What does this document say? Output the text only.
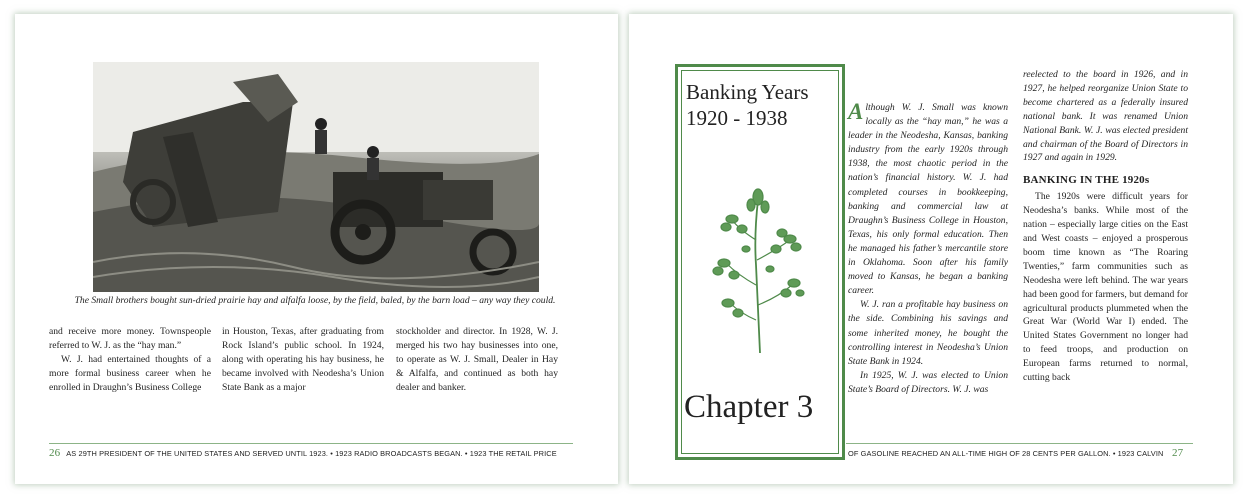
The Small brothers bought sun-dried prairie hay and alfalfa loose, by the field, baled, by the barn load – any way they could.

and receive more money. Townspeople referred to W. J. as the “hay man.”

W. J. had entertained thoughts of a more formal business career when he enrolled in Draughn’s Business College

in Houston, Texas, after graduating from Rock Island’s public school. In 1924, along with operating his hay business, he became involved with Neodesha’s Union State Bank as a major

stockholder and director. In 1928, W. J. merged his two hay businesses into one, to operate as W. J. Small, Dealer in Hay & Alfalfa, and continued as both hay dealer and banker.

26 AS 29TH PRESIDENT OF THE UNITED STATES AND SERVED UNTIL 1923. • 1923 RADIO BROADCASTS BEGAN. • 1923 THE RETAIL PRICE
Banking Years
1920 - 1938
Chapter 3

Although W. J. Small was known locally as the “hay man,” he was a leader in the Neodesha, Kansas, banking industry from the early 1920s through 1938, the most chaotic period in the nation’s financial history. W. J. had completed courses in bookkeeping, banking and commercial law at Draughn’s Business College in Houston, Texas, his only formal education. Then he managed his father’s mercantile store in Oklahoma. Soon after his family moved to Kansas, he began a banking career.

W. J. ran a profitable hay business on the side. Combining his savings and some inherited money, he bought the controlling interest in Neodesha’s Union State Bank in 1924.

In 1925, W. J. was elected to Union State’s Board of Directors. W. J. was

reelected to the board in 1926, and in 1927, he helped reorganize Union State to become chartered as a federally insured national bank. It was renamed Union National Bank. W. J. was elected president and chairman of the Board of Directors in 1927 and again in 1929.

BANKING IN THE 1920s

The 1920s were difficult years for Neodesha’s banks. While most of the nation – especially large cities on the East and West coasts – enjoyed a prosperous boom time known as “The Roaring Twenties,” farm communities such as Neodesha were left behind. The war years had been good for farmers, but demand for agricultural products plummeted when the Great War (World War I) ended. The United States Government no longer had to feed troops, and production on European farms returned to normal, cutting back

OF GASOLINE REACHED AN ALL-TIME HIGH OF 28 CENTS PER GALLON. • 1923 CALVIN 27
